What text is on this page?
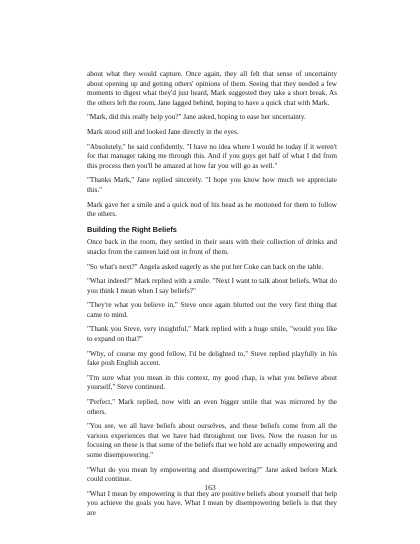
about what they would capture. Once again, they all felt that sense of uncertainty about opening up and getting others' opinions of them. Seeing that they needed a few moments to digest what they'd just heard, Mark suggested they take a short break. As the others left the room, Jane lagged behind, hoping to have a quick chat with Mark.

"Mark, did this really help you?" Jane asked, hoping to ease her uncertainty.

Mark stood still and looked Jane directly in the eyes.

"Absolutely," he said confidently. "I have no idea where I would be today if it weren't for that manager taking me through this. And if you guys get half of what I did from this process then you'll be amazed at how far you will go as well."

"Thanks Mark," Jane replied sincerely. "I hope you know how much we appreciate this."

Mark gave her a smile and a quick nod of his head as he motioned for them to follow the others.

Building the Right Beliefs

Once back in the room, they settled in their seats with their collection of drinks and snacks from the canteen laid out in front of them.

"So what's next?" Angela asked eagerly as she put her Coke can back on the table.

"What indeed?" Mark replied with a smile. "Next I want to talk about beliefs. What do you think I mean when I say beliefs?"

"They're what you believe in," Steve once again blurted out the very first thing that came to mind.

"Thank you Steve, very insightful," Mark replied with a huge smile, "would you like to expand on that?"

"Why, of course my good fellow, I'd be delighted to," Steve replied playfully in his fake posh English accent.

"I'm sure what you mean in this context, my good chap, is what you believe about yourself," Steve continued.

"Perfect," Mark replied, now with an even bigger smile that was mirrored by the others.

"You see, we all have beliefs about ourselves, and these beliefs come from all the various experiences that we have had throughout our lives. Now the reason for us focusing on these is that some of the beliefs that we hold are actually empowering and some disempowering."

"What do you mean by empowering and disempowering?" Jane asked before Mark could continue.

"What I mean by empowering is that they are positive beliefs about yourself that help you achieve the goals you have. What I mean by disempowering beliefs is that they are

163
